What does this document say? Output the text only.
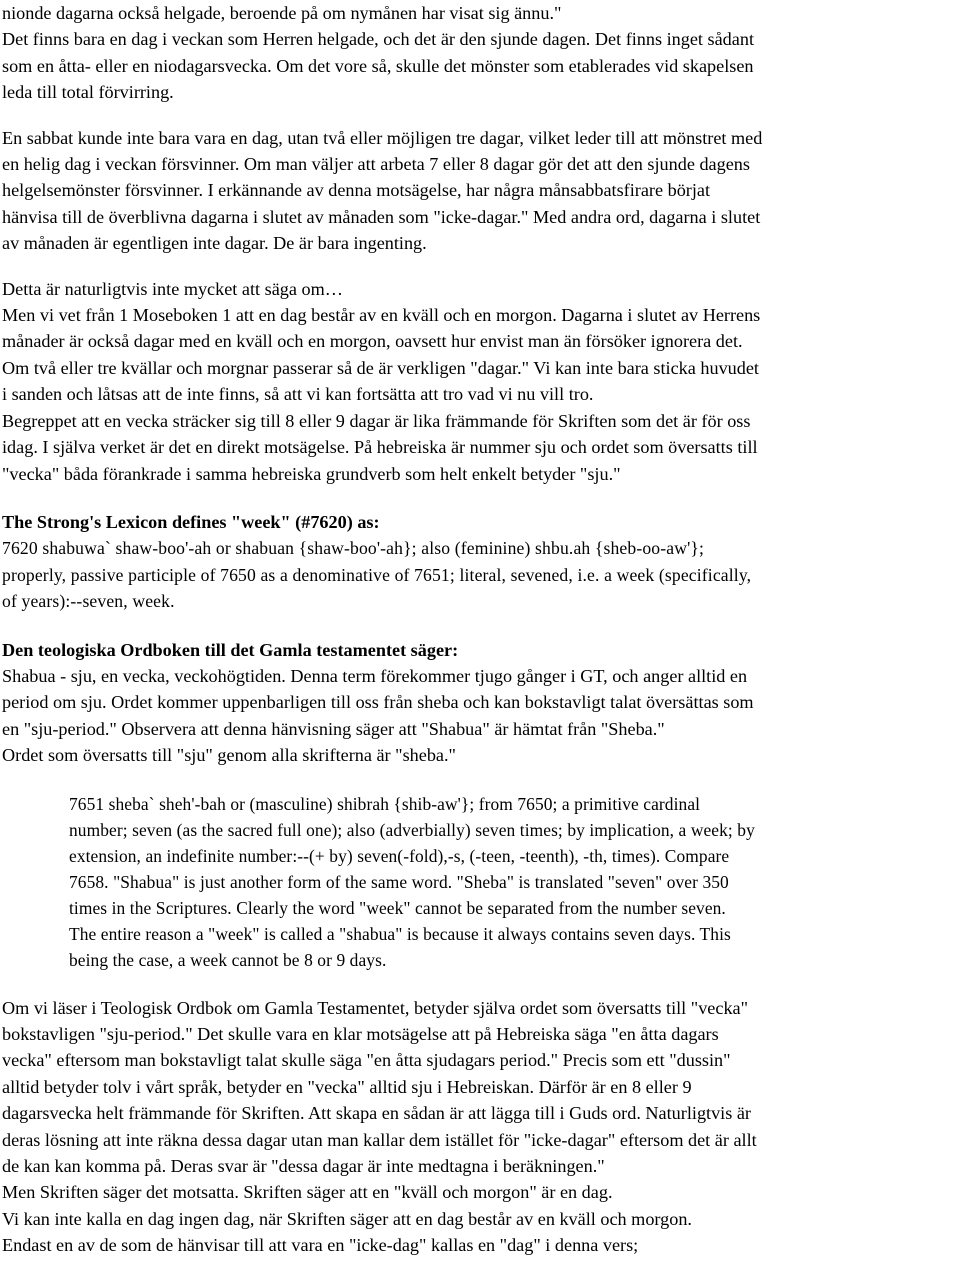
nionde dagarna också helgade, beroende på om nymånen har visat sig ännu."
Det finns bara en dag i veckan som Herren helgade, och det är den sjunde dagen. Det finns inget sådant
som en åtta- eller en niodagarsvecka. Om det vore så, skulle det mönster som etablerades vid skapelsen
leda till total förvirring.
En sabbat kunde inte bara vara en dag, utan två eller möjligen tre dagar, vilket leder till att mönstret med
en helig dag i veckan försvinner. Om man väljer att arbeta 7 eller 8 dagar gör det att den sjunde dagens
helgelsemönster försvinner. I erkännande av denna motsägelse, har några månsabbatsfirare börjat
hänvisa till de överblivna dagarna i slutet av månaden som "icke-dagar." Med andra ord, dagarna i slutet
av månaden är egentligen inte dagar. De är bara ingenting.
Detta är naturligtvis inte mycket att säga om…
Men vi vet från 1 Moseboken 1 att en dag består av en kväll och en morgon. Dagarna i slutet av Herrens
månader är också dagar med en kväll och en morgon, oavsett hur envist man än försöker ignorera det.
Om två eller tre kvällar och morgnar passerar så de är verkligen "dagar." Vi kan inte bara sticka huvudet
i sanden och låtsas att de inte finns, så att vi kan fortsätta att tro vad vi nu vill tro.
Begreppet att en vecka sträcker sig till 8 eller 9 dagar är lika främmande för Skriften som det är för oss
idag. I själva verket är det en direkt motsägelse. På hebreiska är nummer sju och ordet som översatts till
"vecka" båda förankrade i samma hebreiska grundverb som helt enkelt betyder "sju."
The Strong's Lexicon defines "week" (#7620) as:
7620 shabuwa` shaw-boo'-ah or shabuan {shaw-boo'-ah}; also (feminine) shbu.ah {sheb-oo-aw'};
properly, passive participle of 7650 as a denominative of 7651; literal, sevened, i.e. a week (specifically,
of years):--seven, week.
Den teologiska Ordboken till det Gamla testamentet säger:
Shabua - sju, en vecka, veckohögtiden. Denna term förekommer tjugo gånger i GT, och anger alltid en
period om sju. Ordet kommer uppenbarligen till oss från sheba och kan bokstavligt talat översättas som
en "sju-period." Observera att denna hänvisning säger att "Shabua" är hämtat från "Sheba."
Ordet som översatts till "sju" genom alla skrifterna är "sheba."
7651 sheba` sheh'-bah or (masculine) shibrah {shib-aw'}; from 7650; a primitive cardinal
number; seven (as the sacred full one); also (adverbially) seven times; by implication, a week; by
extension, an indefinite number:--(+ by) seven(-fold),-s, (-teen, -teenth), -th, times). Compare
7658. "Shabua" is just another form of the same word. "Sheba" is translated "seven" over 350
times in the Scriptures. Clearly the word "week" cannot be separated from the number seven.
The entire reason a "week" is called a "shabua" is because it always contains seven days. This
being the case, a week cannot be 8 or 9 days.
Om vi läser i Teologisk Ordbok om Gamla Testamentet, betyder själva ordet som översatts till "vecka"
bokstavligen "sju-period." Det skulle vara en klar motsägelse att på Hebreiska säga "en åtta dagars
vecka" eftersom man bokstavligt talat skulle säga "en åtta sjudagars period." Precis som ett "dussin"
alltid betyder tolv i vårt språk, betyder en "vecka" alltid sju i Hebreiskan. Därför är en 8 eller 9
dagarsvecka helt främmande för Skriften. Att skapa en sådan är att lägga till i Guds ord. Naturligtvis är
deras lösning att inte räkna dessa dagar utan man kallar dem istället för "icke-dagar" eftersom det är allt
de kan kan komma på. Deras svar är "dessa dagar är inte medtagna i beräkningen."
Men Skriften säger det motsatta. Skriften säger att en "kväll och morgon" är en dag.
Vi kan inte kalla en dag ingen dag, när Skriften säger att en dag består av en kväll och morgon.
Endast en av de som de hänvisar till att vara en "icke-dag" kallas en "dag" i denna vers;
